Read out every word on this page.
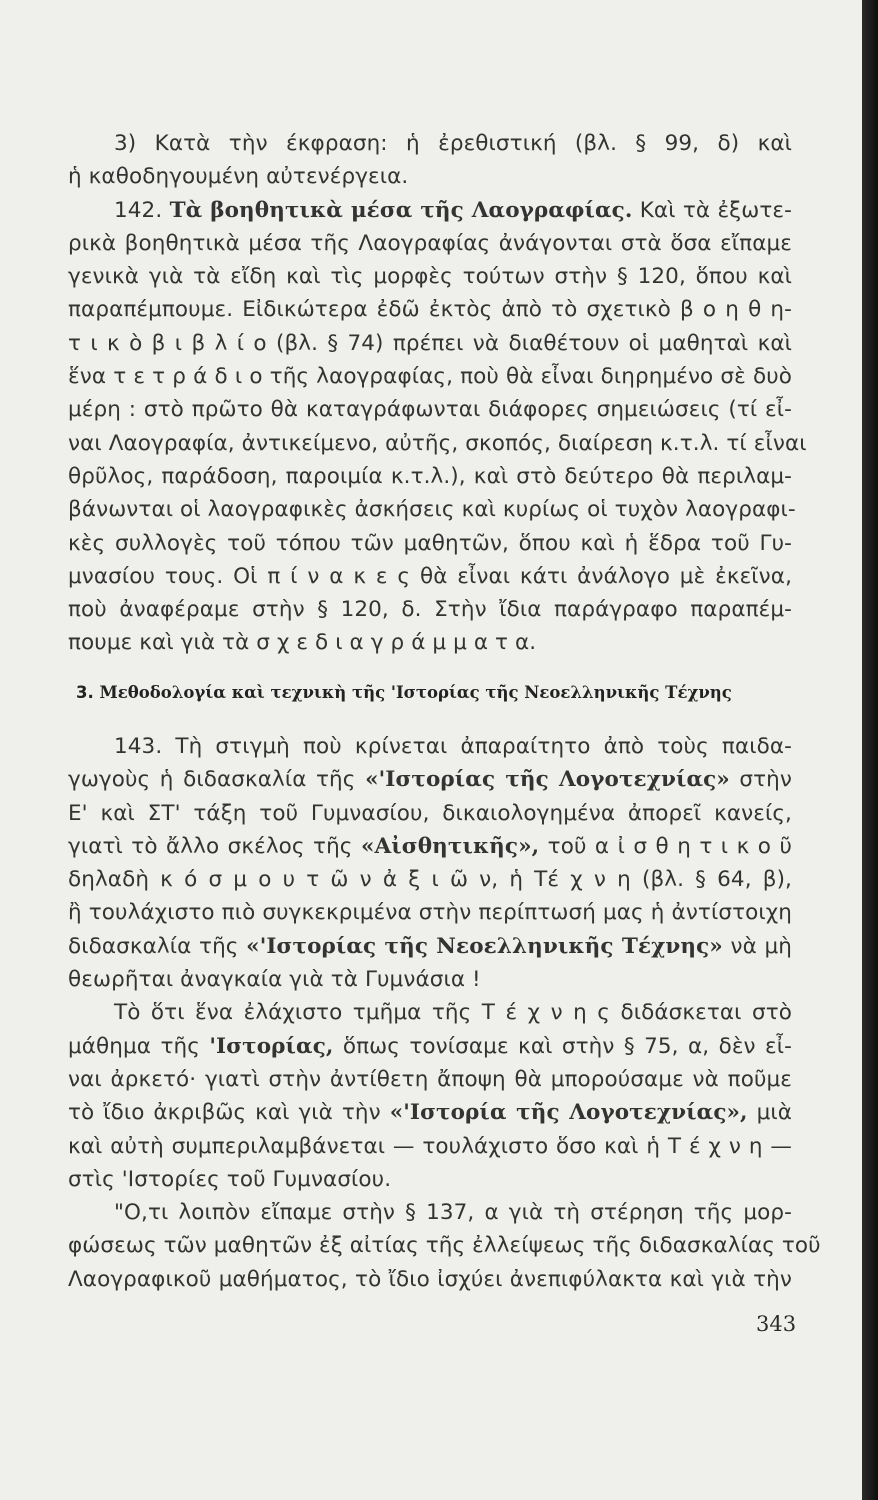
3) Κατὰ τὴν έκφραση: ἡ ἐρεθιστική (βλ. § 99, δ) καὶ
ἡ καθοδηγουμένη αὐτενέργεια.
142. Τὰ βοηθητικὰ μέσα τῆς Λαογραφίας. Καὶ τὰ ἐξωτε-
ρικὰ βοηθητικὰ μέσα τῆς Λαογραφίας ἀνάγονται στὰ ὅσα εἴπαμε
γενικὰ γιὰ τὰ εἴδη καὶ τὶς μορφὲς τούτων στὴν § 120, ὅπου καὶ
παραπέμπουμε. Εἰδικώτερα ἐδῶ ἐκτὸς ἀπὸ τὸ σχετικὸ β ο η θ η-
τ ι κ ὸ β ι β λ ί ο (βλ. § 74) πρέπει νὰ διαθέτουν οἱ μαθηταὶ καὶ
ἕνα τ ε τ ρ ά δ ι ο τῆς λαογραφίας, ποὺ θὰ εἶναι διηρημένο σὲ δυὸ
μέρη : στὸ πρῶτο θὰ καταγράφωνται διάφορες σημειώσεις (τί εἶ-
ναι Λαογραφία, ἀντικείμενο, αὐτῆς, σκοπός, διαίρεση κ.τ.λ. τί εἶναι
θρῦλος, παράδοση, παροιμία κ.τ.λ.), καὶ στὸ δεύτερο θὰ περιλαμ-
βάνωνται οἱ λαογραφικὲς ἀσκήσεις καὶ κυρίως οἱ τυχὸν λαογραφι-
κὲς συλλογὲς τοῦ τόπου τῶν μαθητῶν, ὅπου καὶ ἡ ἕδρα τοῦ Γυ-
μνασίου τους. Οἱ π ί ν α κ ε ς θὰ εἶναι κάτι ἀνάλογο μὲ ἐκεῖνα,
ποὺ ἀναφέραμε στὴν § 120, δ. Στὴν ἴδια παράγραφο παραπέμ-
πουμε καὶ γιὰ τὰ σ χ ε δ ι α γ ρ ά μ μ α τ α.
3. Μεθοδολογία καὶ τεχνικὴ τῆς 'Ιστορίας τῆς Νεοελληνικῆς Τέχνης
143. Τὴ στιγμὴ ποὺ κρίνεται ἀπαραίτητο ἀπὸ τοὺς παιδα-
γωγοὺς ἡ διδασκαλία τῆς «'Ιστορίας τῆς Λογοτεχνίας» στὴν
Ε' καὶ ΣΤ' τάξη τοῦ Γυμνασίου, δικαιολογημένα ἀπορεῖ κανείς,
γιατὶ τὸ ἄλλο σκέλος τῆς «Αἰσθητικῆς», τοῦ α ἰ σ θ η τ ι κ ο ῦ
δηλαδὴ κ ό σ μ ο υ τ ῶ ν ἀ ξ ι ῶ ν, ἡ Τέ χ ν η (βλ. § 64, β),
ἢ τουλάχιστο πιὸ συγκεκριμένα στὴν περίπτωσή μας ἡ ἀντίστοιχη
διδασκαλία τῆς «'Ιστορίας τῆς Νεοελληνικῆς Τέχνης» νὰ μὴ
θεωρῆται ἀναγκαία γιὰ τὰ Γυμνάσια !
Τὸ ὅτι ἕνα ἐλάχιστο τμῆμα τῆς Τ έ χ ν η ς διδάσκεται στὸ
μάθημα τῆς 'Ιστορίας, ὅπως τονίσαμε καὶ στὴν § 75, α, δὲν εἶ-
ναι ἀρκετό· γιατὶ στὴν ἀντίθετη ἄποψη θὰ μπορούσαμε νὰ ποῦμε
τὸ ἴδιο ἀκριβῶς καὶ γιὰ τὴν «'Ιστορία τῆς Λογοτεχνίας», μιὰ
καὶ αὐτὴ συμπεριλαμβάνεται — τουλάχιστο ὅσο καὶ ἡ Τ έ χ ν η —
στὶς 'Ιστορίες τοῦ Γυμνασίου.
"Ο,τι λοιπὸν εἴπαμε στὴν § 137, α γιὰ τὴ στέρηση τῆς μορ-
φώσεως τῶν μαθητῶν ἐξ αἰτίας τῆς ἐλλείψεως τῆς διδασκαλίας τοῦ
Λαογραφικοῦ μαθήματος, τὸ ἴδιο ἰσχύει ἀνεπιφύλακτα καὶ γιὰ τὴν
343
